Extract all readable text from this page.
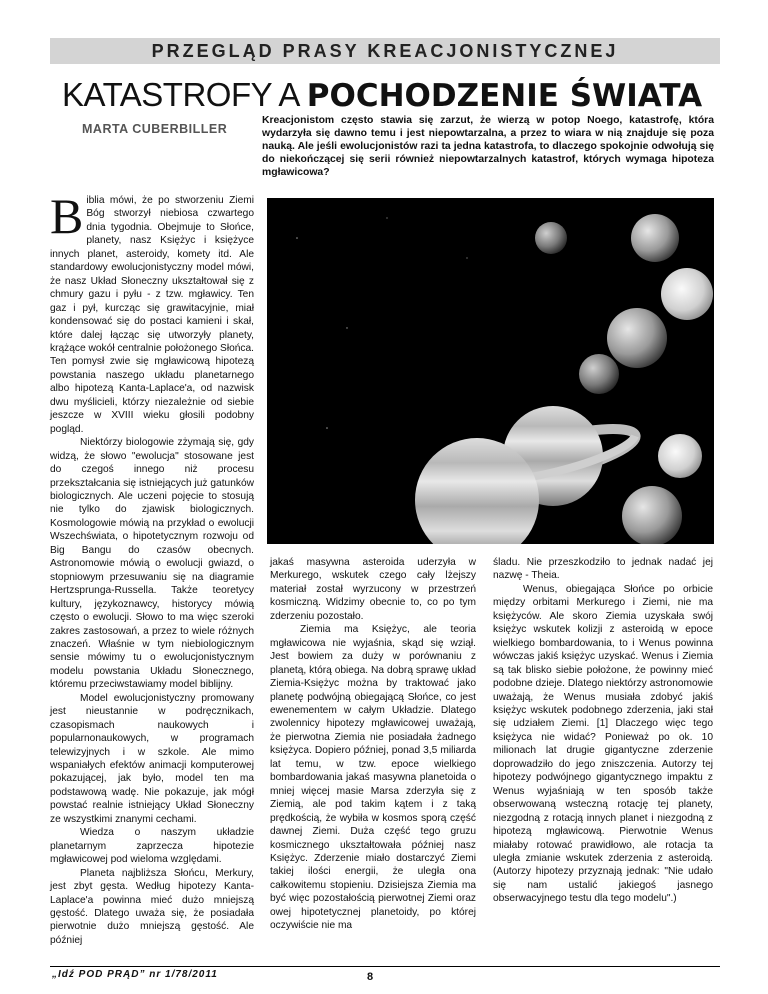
PRZEGLĄD PRASY KREACJONISTYCZNEJ
KATASTROFY A POCHODZENIE ŚWIATA
MARTA CUBERBILLER
Kreacjonistom często stawia się zarzut, że wierzą w potop Noego, katastrofę, która wydarzyła się dawno temu i jest niepowtarzalna, a przez to wiara w nią znajduje się poza nauką. Ale jeśli ewolucjonistów razi ta jedna katastrofa, to dlaczego spokojnie odwołują się do niekończącej się serii również niepowtarzalnych katastrof, których wymaga hipoteza mgławicowa?

Biblia mówi, że po stworzeniu Ziemi Bóg stworzył niebiosa czwartego dnia tygodnia. Obejmuje to Słońce, planety, nasz Księżyc i księżyce innych planet, asteroidy, komety itd. Ale standardowy ewolucjonistyczny model mówi, że nasz Układ Słoneczny ukształtował się z chmury gazu i pyłu - z tzw. mgławicy. Ten gaz i pył, kurcząc się grawitacyjnie, miał kondensować się do postaci kamieni i skał, które dalej łącząc się utworzyły planety, krążące wokół centralnie położonego Słońca. Ten pomysł zwie się mgławicową hipotezą powstania naszego układu planetarnego albo hipotezą Kanta-Laplace'a, od nazwisk dwu myślicieli, którzy niezależnie od siebie jeszcze w XVIII wieku głosili podobny pogląd.

Niektórzy biologowie zżymają się, gdy widzą, że słowo "ewolucja" stosowane jest do czegoś innego niż procesu przekształcania się istniejących już gatunków biologicznych. Ale uczeni pojęcie to stosują nie tylko do zjawisk biologicznych. Kosmologowie mówią na przykład o ewolucji Wszechświata, o hipotetycznym rozwoju od Big Bangu do czasów obecnych. Astronomowie mówią o ewolucji gwiazd, o stopniowym przesuwaniu się na diagramie Hertzsprunga-Russella. Także teoretycy kultury, językoznawcy, historycy mówią często o ewolucji. Słowo to ma więc szeroki zakres zastosowań, a przez to wiele różnych znaczeń. Właśnie w tym niebiologicznym sensie mówimy tu o ewolucjonistycznym modelu powstania Układu Słonecznego, któremu przeciwstawiamy model biblijny.

Model ewolucjonistyczny promowany jest nieustannie w podręcznikach, czasopismach naukowych i popularnonaukowych, w programach telewizyjnych i w szkole. Ale mimo wspaniałych efektów animacji komputerowej pokazującej, jak było, model ten ma podstawową wadę. Nie pokazuje, jak mógł powstać realnie istniejący Układ Słoneczny ze wszystkimi znanymi cechami.

Wiedza o naszym układzie planetarnym zaprzecza hipotezie mgławicowej pod wieloma względami.

Planeta najbliższa Słońcu, Merkury, jest zbyt gęsta. Według hipotezy Kanta-Laplace'a powinna mieć dużo mniejszą gęstość. Dlatego uważa się, że posiadała pierwotnie dużo mniejszą gęstość. Ale później

jakaś masywna asteroida uderzyła w Merkurego, wskutek czego cały lżejszy materiał został wyrzucony w przestrzeń kosmiczną. Widzimy obecnie to, co po tym zderzeniu pozostało.

Ziemia ma Księżyc, ale teoria mgławicowa nie wyjaśnia, skąd się wziął. Jest bowiem za duży w porównaniu z planetą, którą obiega. Na dobrą sprawę układ Ziemia-Księżyc można by traktować jako planetę podwójną obiegającą Słońce, co jest ewenementem w całym Układzie. Dlatego zwolennicy hipotezy mgławicowej uważają, że pierwotna Ziemia nie posiadała żadnego księżyca. Dopiero później, ponad 3,5 miliarda lat temu, w tzw. epoce wielkiego bombardowania jakaś masywna planetoida o mniej więcej masie Marsa zderzyła się z Ziemią, ale pod takim kątem i z taką prędkością, że wybiła w kosmos sporą część dawnej Ziemi. Duża część tego gruzu kosmicznego ukształtowała później nasz Księżyc. Zderzenie miało dostarczyć Ziemi takiej ilości energii, że uległa ona całkowitemu stopieniu. Dzisiejsza Ziemia ma być więc pozostałością pierwotnej Ziemi oraz owej hipotetycznej planetoidy, po której oczywiście nie ma

śladu. Nie przeszkodziło to jednak nadać jej nazwę - Theia.

Wenus, obiegająca Słońce po orbicie między orbitami Merkurego i Ziemi, nie ma księżyców. Ale skoro Ziemia uzyskała swój księżyc wskutek kolizji z asteroidą w epoce wielkiego bombardowania, to i Wenus powinna wówczas jakiś księżyc uzyskać. Wenus i Ziemia są tak blisko siebie położone, że powinny mieć podobne dzieje. Dlatego niektórzy astronomowie uważają, że Wenus musiała zdobyć jakiś księżyc wskutek podobnego zderzenia, jaki stał się udziałem Ziemi. [1] Dlaczego więc tego księżyca nie widać? Ponieważ po ok. 10 milionach lat drugie gigantyczne zderzenie doprowadziło do jego zniszczenia. Autorzy tej hipotezy podwójnego gigantycznego impaktu z Wenus wyjaśniają w ten sposób także obserwowaną wsteczną rotację tej planety, niezgodną z rotacją innych planet i niezgodną z hipotezą mgławicową. Pierwotnie Wenus miałaby rotować prawidłowo, ale rotacja ta uległa zmianie wskutek zderzenia z asteroidą. (Autorzy hipotezy przyznają jednak: "Nie udało się nam ustalić jakiegoś jasnego obserwacyjnego testu dla tego modelu".)

„Idź POD PRĄD” nr 1/78/2011	8
